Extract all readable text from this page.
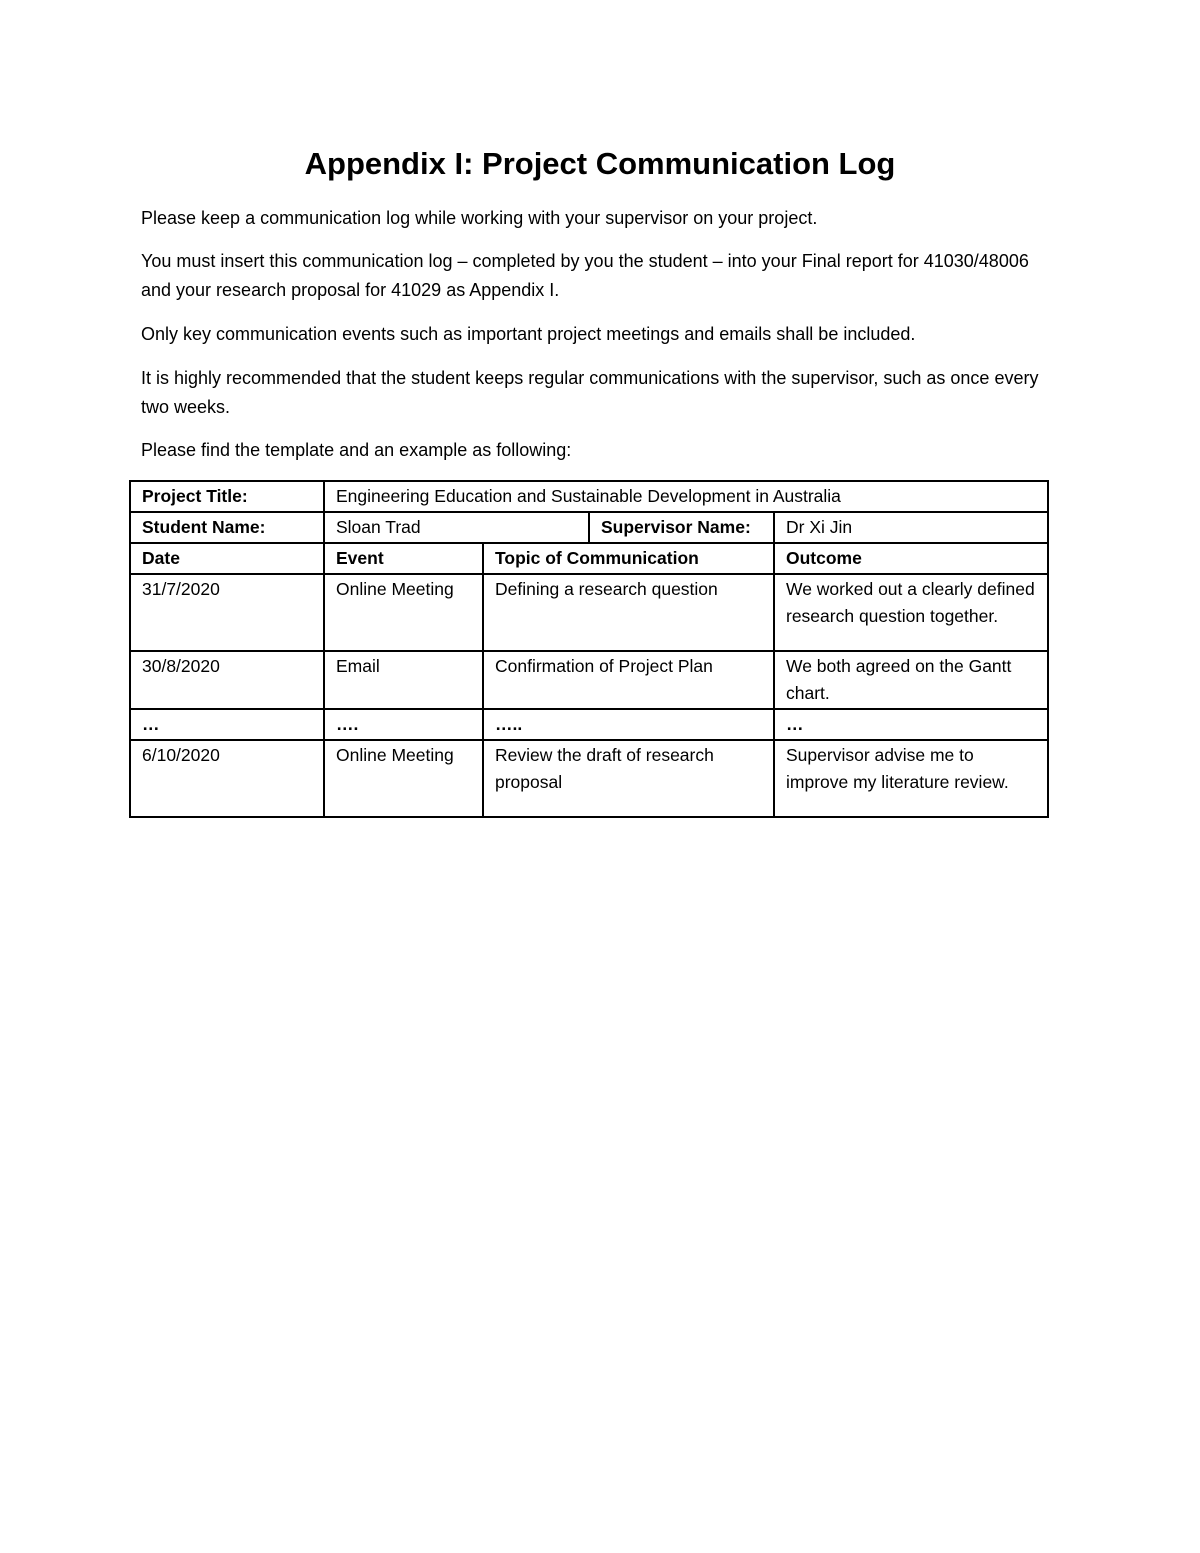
Appendix I: Project Communication Log

Please keep a communication log while working with your supervisor on your project.

You must insert this communication log – completed by you the student – into your Final report for 41030/48006 and your research proposal for 41029 as Appendix I.

Only key communication events such as important project meetings and emails shall be included.

It is highly recommended that the student keeps regular communications with the supervisor, such as once every two weeks.

Please find the template and an example as following:

Project Title:	Engineering Education and Sustainable Development in Australia			
Student Name:	Sloan Trad		Supervisor Name:	Dr Xi Jin
Date	Event	Topic of Communication		Outcome
31/7/2020	Online Meeting	Defining a research question		We worked out a clearly defined research question together.
30/8/2020	Email	Confirmation of Project Plan		We both agreed on the Gantt chart.
…	….	…..		…
6/10/2020	Online Meeting	Review the draft of research proposal		Supervisor advise me to improve my literature review.
